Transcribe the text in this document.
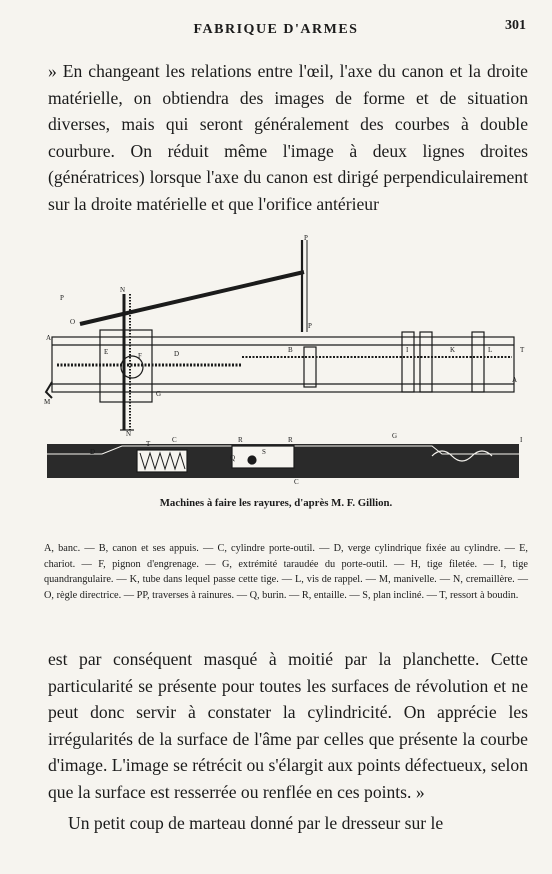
FABRIQUE D'ARMES	301
» En changeant les relations entre l'œil, l'axe du canon et la droite matérielle, on obtiendra des images de forme et de situation diverses, mais qui seront généralement des courbes à double courbure. On réduit même l'image à deux lignes droites (génératrices) lorsque l'axe du canon est dirigé perpendiculairement sur la droite matérielle et que l'orifice antérieur
P
P
P
N
O
A
A
E	F	D	B	I	K	L	T
M
G
N
C	R	R	G
D	S
T
Q
C
I
Machines à faire les rayures, d'après M. F. Gillion.
A, banc. — B, canon et ses appuis. — C, cylindre porte-outil. — D, verge cylindrique fixée au cylindre. — E, chariot. — F, pignon d'engrenage. — G, extrémité taraudée du porte-outil. — H, tige filetée. — I, tige quandrangulaire. — K, tube dans lequel passe cette tige. — L, vis de rappel. — M, manivelle. — N, cremaillère. — O, règle directrice. — PP, traverses à rainures. — Q, burin. — R, entaille. — S, plan incliné. — T, ressort à boudin.
est par conséquent masqué à moitié par la planchette. Cette particularité se présente pour toutes les surfaces de révolution et ne peut donc servir à constater la cylindricité. On apprécie les irrégularités de la surface de l'âme par celles que présente la courbe d'image. L'image se rétrécit ou s'élargit aux points défectueux, selon que la surface est resserrée ou renflée en ces points. »
Un petit coup de marteau donné par le dresseur sur le
